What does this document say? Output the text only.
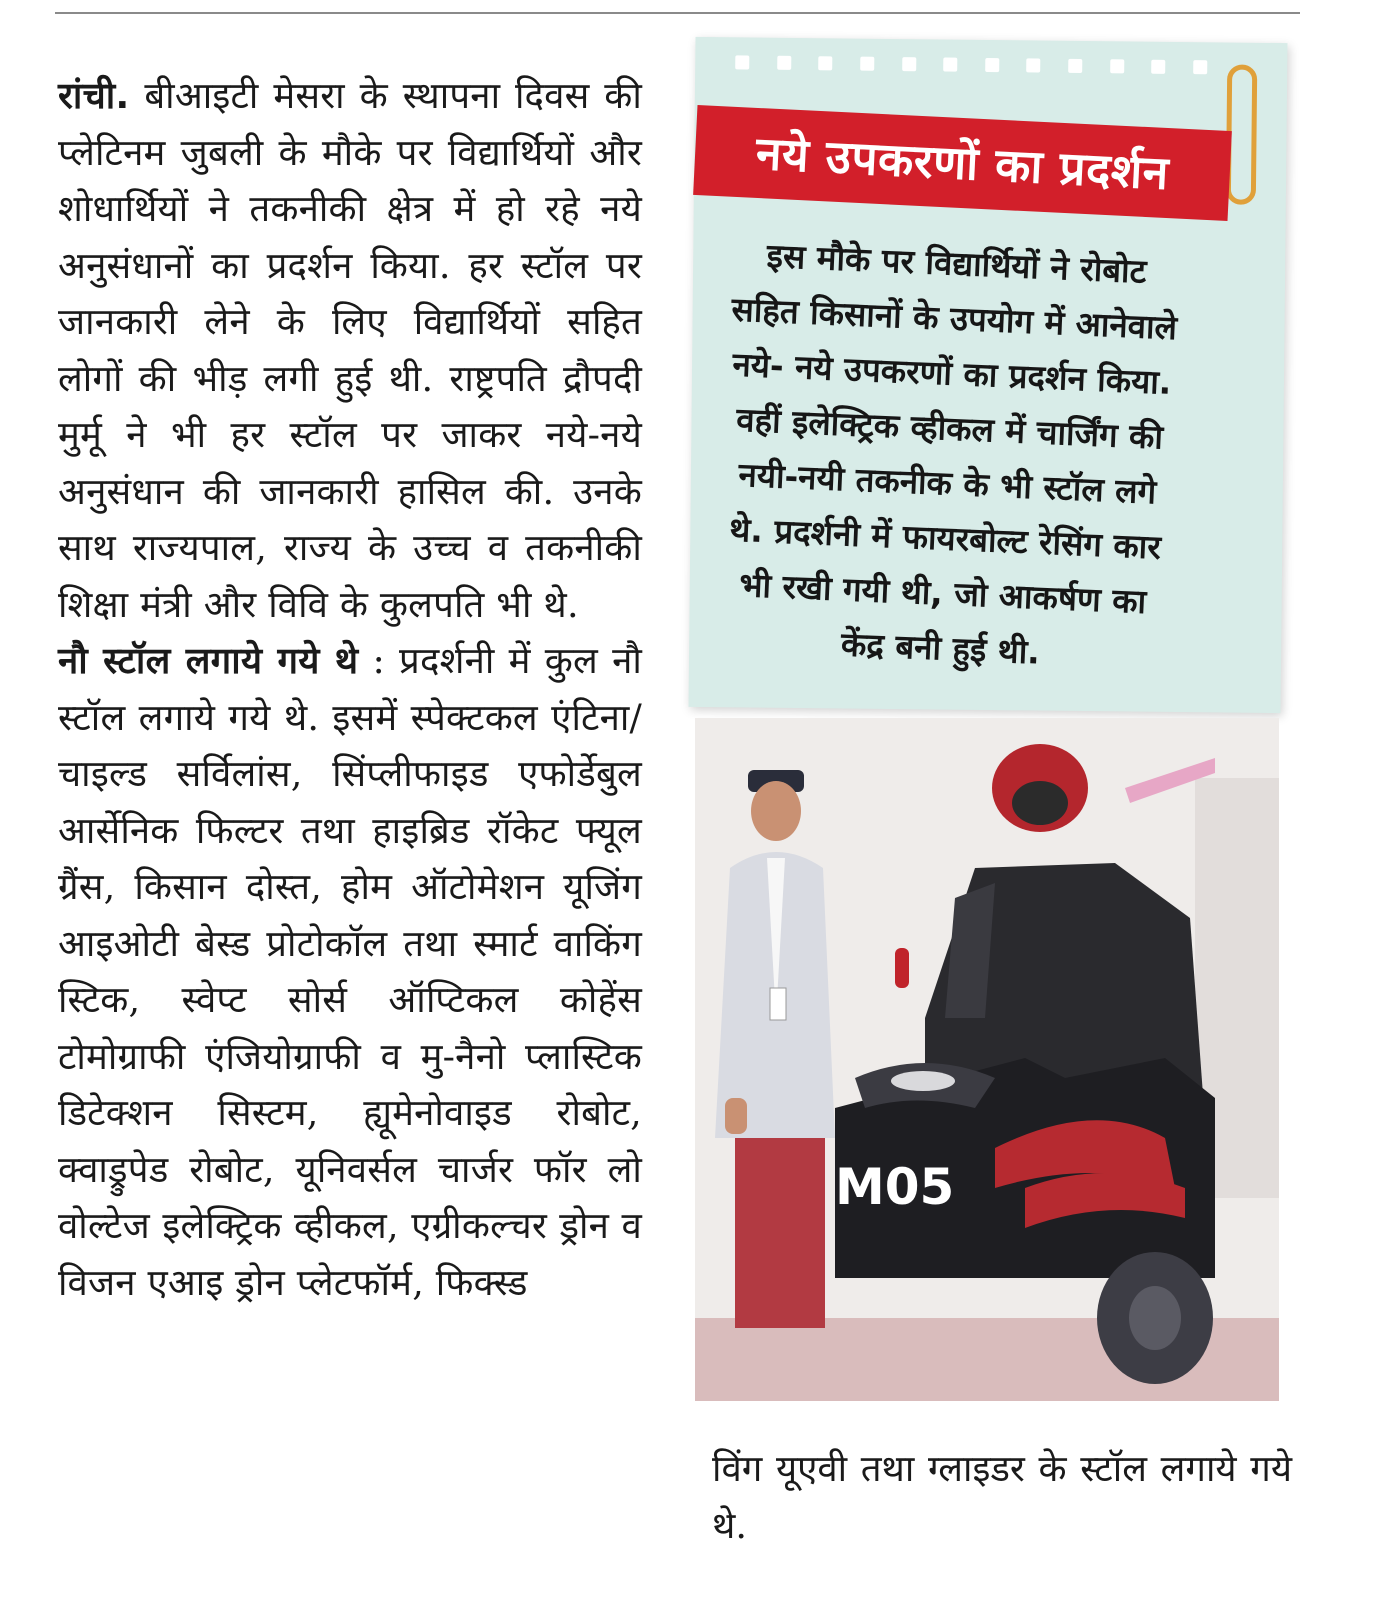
रांची. बीआइटी मेसरा के स्थापना दिवस की प्लेटिनम जुबली के मौके पर विद्यार्थियों और शोधार्थियों ने तकनीकी क्षेत्र में हो रहे नये अनुसंधानों का प्रदर्शन किया. हर स्टॉल पर जानकारी लेने के लिए विद्यार्थियों सहित लोगों की भीड़ लगी हुई थी. राष्ट्रपति द्रौपदी मुर्मू ने भी हर स्टॉल पर जाकर नये-नये अनुसंधान की जानकारी हासिल की. उनके साथ राज्यपाल, राज्य के उच्च व तकनीकी शिक्षा मंत्री और विवि के कुलपति भी थे.

नौ स्टॉल लगाये गये थे : प्रदर्शनी में कुल नौ स्टॉल लगाये गये थे. इसमें स्पेक्टकल एंटिना/चाइल्ड सर्विलांस, सिंप्लीफाइड एफोर्डेबुल आर्सेनिक फिल्टर तथा हाइब्रिड रॉकेट फ्यूल ग्रैंस, किसान दोस्त, होम ऑटोमेशन यूजिंग आइओटी बेस्ड प्रोटोकॉल तथा स्मार्ट वाकिंग स्टिक, स्वेप्ट सोर्स ऑप्टिकल कोहेंस टोमोग्राफी एंजियोग्राफी व मु-नैनो प्लास्टिक डिटेक्शन सिस्टम, ह्यूमेनोवाइड रोबोट, क्वाड्रुपेड रोबोट, यूनिवर्सल चार्जर फॉर लो वोल्टेज इलेक्ट्रिक व्हीकल, एग्रीकल्चर ड्रोन व विजन एआइ ड्रोन प्लेटफॉर्म, फिक्स्ड

नये उपकरणों का प्रदर्शन
इस मौके पर विद्यार्थियों ने रोबोट
सहित किसानों के उपयोग में आनेवाले
नये- नये उपकरणों का प्रदर्शन किया.
वहीं इलेक्ट्रिक व्हीकल में चार्जिंग की
नयी-नयी तकनीक के भी स्टॉल लगे
थे. प्रदर्शनी में फायरबोल्ट रेसिंग कार
भी रखी गयी थी, जो आकर्षण का
केंद्र बनी हुई थी.
M05
विंग यूएवी तथा ग्लाइडर के स्टॉल लगाये गये थे.
